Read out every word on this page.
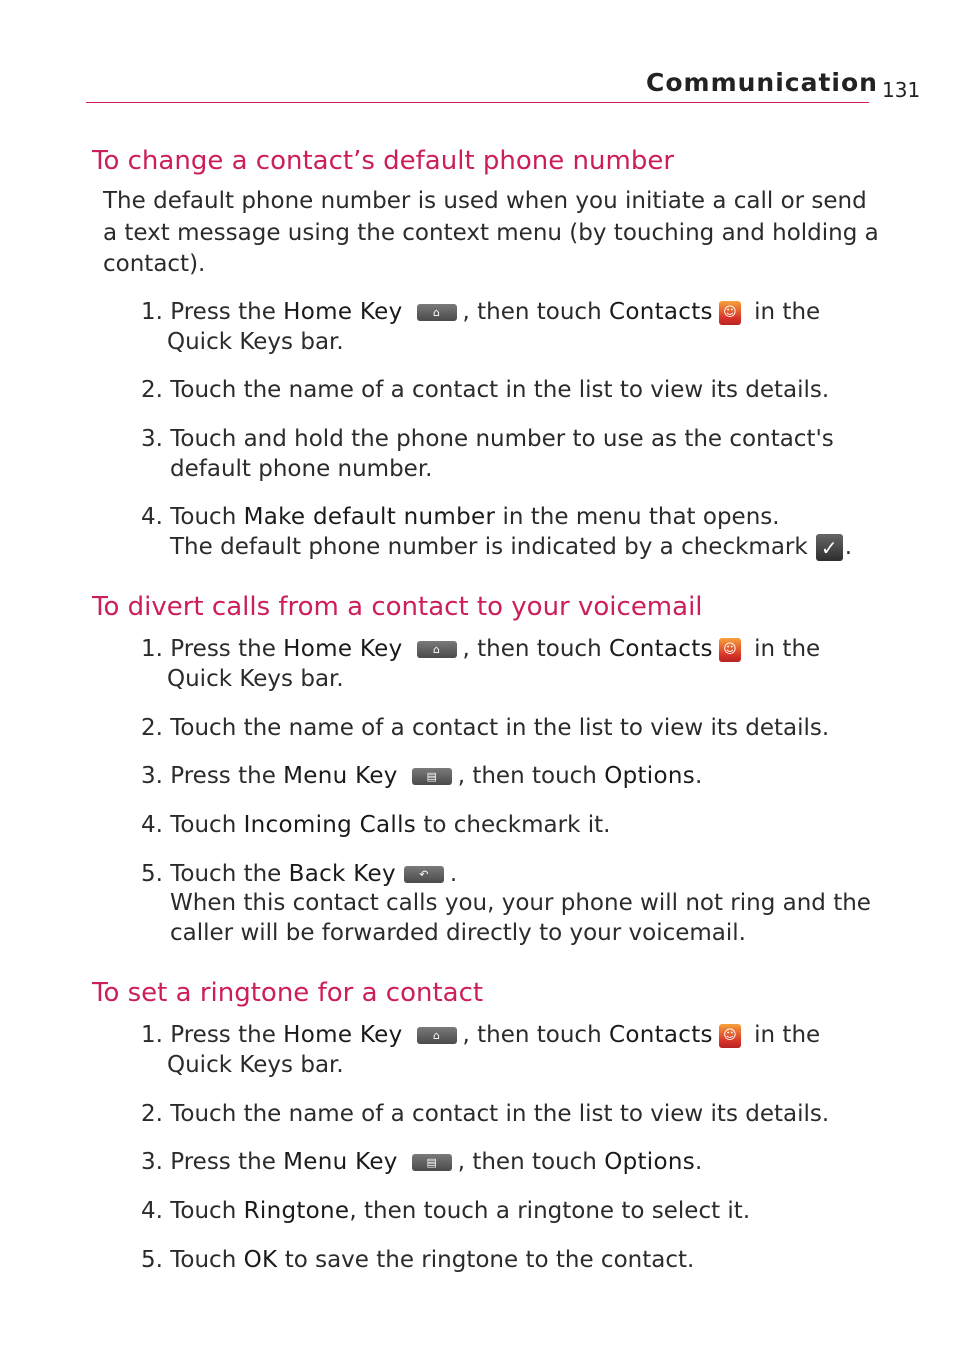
Communication 131
To change a contact’s default phone number
The default phone number is used when you initiate a call or send
a text message using the context menu (by touching and holding a
contact).
1. Press the Home Key	⌂ , then touch Contacts ☺ in the
Quick Keys bar.
2. Touch the name of a contact in the list to view its details.
3. Touch and hold the phone number to use as the contact's
default phone number.
4. Touch Make default number in the menu that opens.
The default phone number is indicated by a checkmark ✓ .
To divert calls from a contact to your voicemail
1. Press the Home Key	⌂ , then touch Contacts ☺ in the
Quick Keys bar.
2. Touch the name of a contact in the list to view its details.
3. Press the Menu Key	▤ , then touch Options.
4. Touch Incoming Calls to checkmark it.
5. Touch the Back Key	↶ .
When this contact calls you, your phone will not ring and the
caller will be forwarded directly to your voicemail.
To set a ringtone for a contact
1. Press the Home Key	⌂ , then touch Contacts ☺ in the
Quick Keys bar.
2. Touch the name of a contact in the list to view its details.
3. Press the Menu Key	▤ , then touch Options.
4. Touch Ringtone, then touch a ringtone to select it.
5. Touch OK to save the ringtone to the contact.
